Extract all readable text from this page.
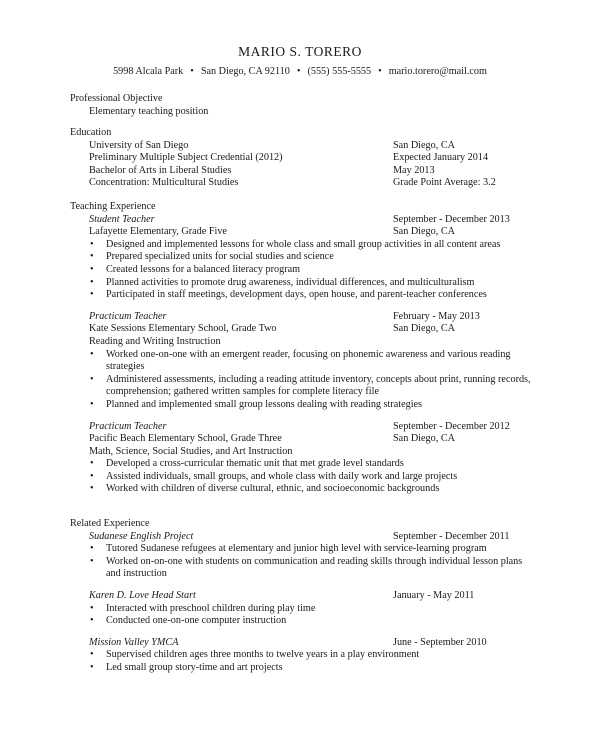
MARIO S. TORERO
5998 Alcala Park • San Diego, CA 92110 • (555) 555-5555 • mario.torero@mail.com
Professional Objective
Elementary teaching position
Education
University of San Diego	San Diego, CA
Preliminary Multiple Subject Credential (2012)	Expected January 2014
Bachelor of Arts in Liberal Studies	May 2013
Concentration: Multicultural Studies	Grade Point Average: 3.2
Teaching Experience
Student Teacher	September - December 2013
Lafayette Elementary, Grade Five	San Diego, CA
• Designed and implemented lessons for whole class and small group activities in all content areas
• Prepared specialized units for social studies and science
• Created lessons for a balanced literacy program
• Planned activities to promote drug awareness, individual differences, and multiculturalism
• Participated in staff meetings, development days, open house, and parent-teacher conferences
Practicum Teacher	February - May 2013
Kate Sessions Elementary School, Grade Two	San Diego, CA
Reading and Writing Instruction
• Worked one-on-one with an emergent reader, focusing on phonemic awareness and various reading strategies
• Administered assessments, including a reading attitude inventory, concepts about print, running records, comprehension; gathered written samples for complete literacy file
• Planned and implemented small group lessons dealing with reading strategies
Practicum Teacher	September - December 2012
Pacific Beach Elementary School, Grade Three	San Diego, CA
Math, Science, Social Studies, and Art Instruction
• Developed a cross-curricular thematic unit that met grade level standards
• Assisted individuals, small groups, and whole class with daily work and large projects
• Worked with children of diverse cultural, ethnic, and socioeconomic backgrounds
Related Experience
Sudanese English Project	September - December 2011
• Tutored Sudanese refugees at elementary and junior high level with service-learning program
• Worked on-on-one with students on communication and reading skills through individual lesson plans and instruction
Karen D. Love Head Start	January - May 2011
• Interacted with preschool children during play time
• Conducted one-on-one computer instruction
Mission Valley YMCA	June - September 2010
• Supervised children ages three months to twelve years in a play environment
• Led small group story-time and art projects
